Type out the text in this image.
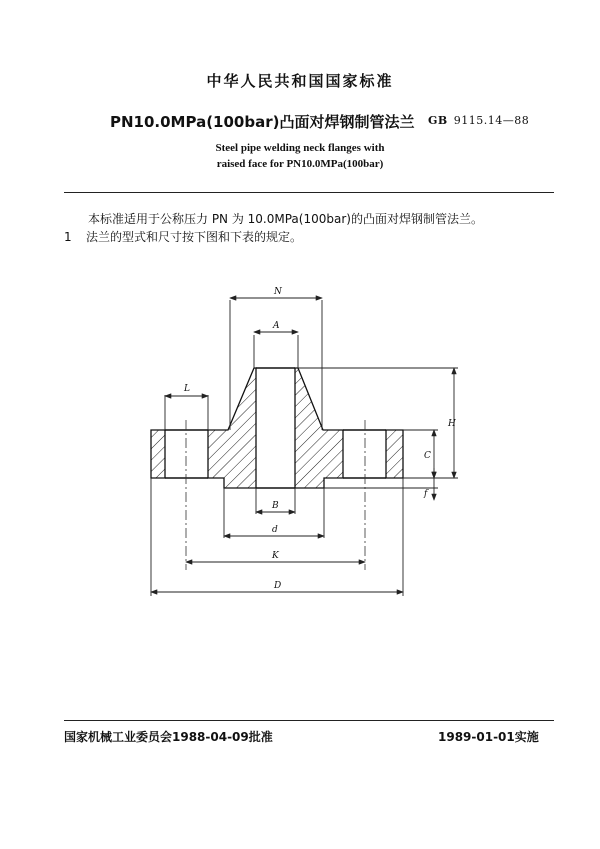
中华人民共和国国家标准
PN10.0MPa(100bar)凸面对焊钢制管法兰 GB 9115.14—88
Steel pipe welding neck flanges with
raised face for PN10.0MPa(100bar)
本标准适用于公称压力 PN 为 10.0MPa(100bar)的凸面对焊钢制管法兰。
1 法兰的型式和尺寸按下图和下表的规定。
N
A
L
H
C
f
B
d
K
D
国家机械工业委员会1988-04-09批准	1989-01-01实施
